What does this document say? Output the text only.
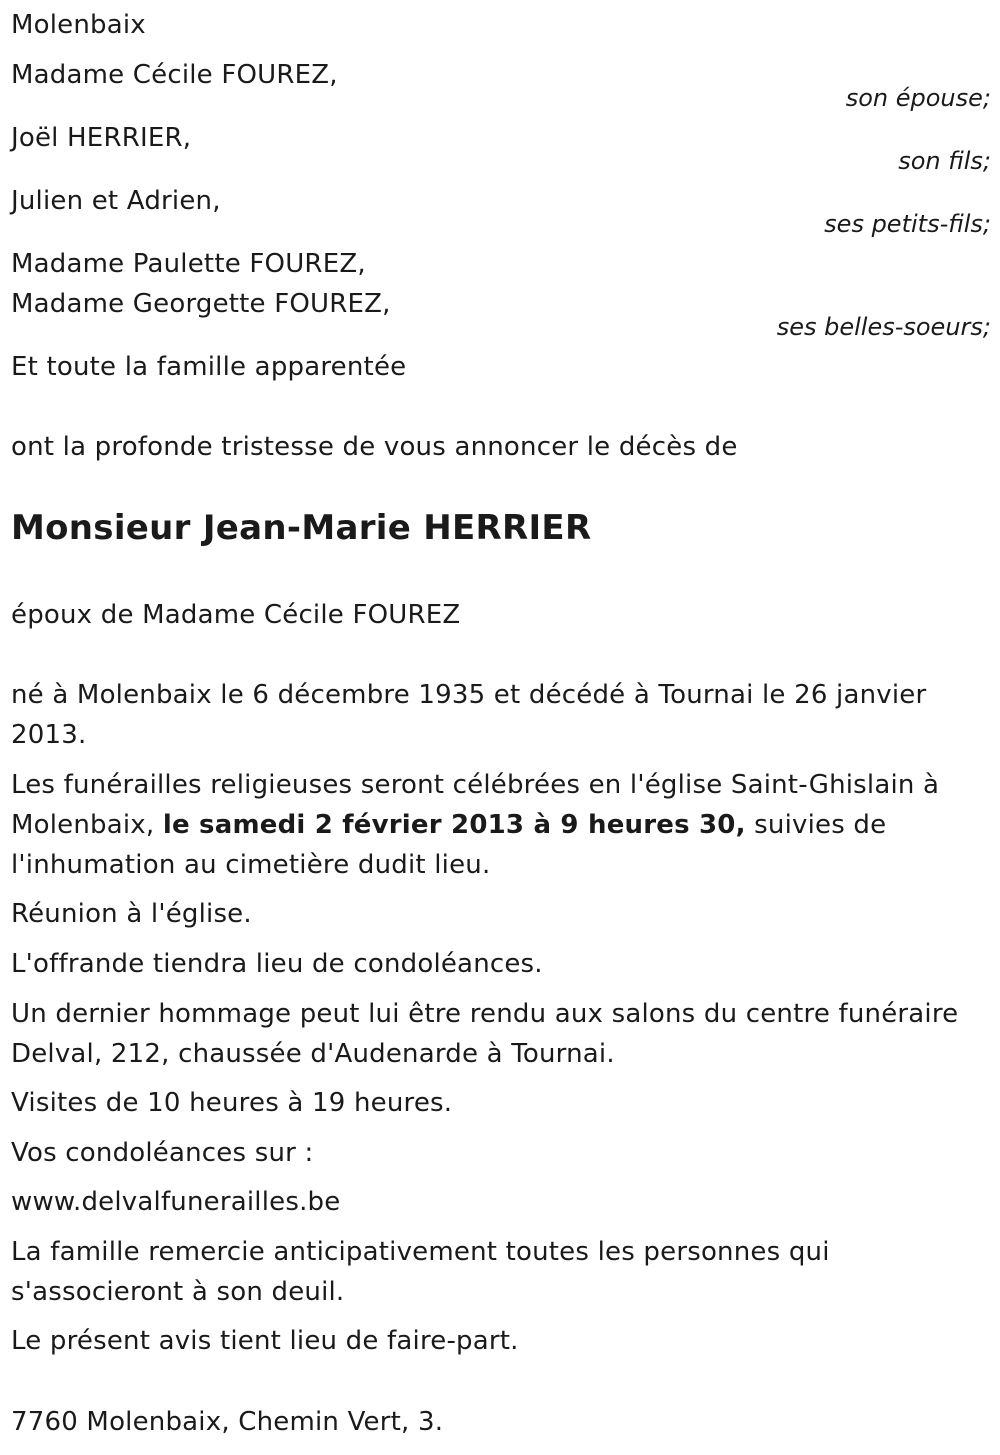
Molenbaix
Madame Cécile FOUREZ,
son épouse;
Joël HERRIER,
son fils;
Julien et Adrien,
ses petits-fils;
Madame Paulette FOUREZ,
Madame Georgette FOUREZ,
ses belles-soeurs;
Et toute la famille apparentée
ont la profonde tristesse de vous annoncer le décès de
Monsieur Jean-Marie HERRIER
époux de Madame Cécile FOUREZ
né à Molenbaix le 6 décembre 1935 et décédé à Tournai le 26 janvier
2013.
Les funérailles religieuses seront célébrées en l'église Saint-Ghislain à
Molenbaix, le samedi 2 février 2013 à 9 heures 30, suivies de
l'inhumation au cimetière dudit lieu.
Réunion à l'église.
L'offrande tiendra lieu de condoléances.
Un dernier hommage peut lui être rendu aux salons du centre funéraire
Delval, 212, chaussée d'Audenarde à Tournai.
Visites de 10 heures à 19 heures.
Vos condoléances sur :
www.delvalfunerailles.be
La famille remercie anticipativement toutes les personnes qui
s'associeront à son deuil.
Le présent avis tient lieu de faire-part.
7760 Molenbaix, Chemin Vert, 3.
